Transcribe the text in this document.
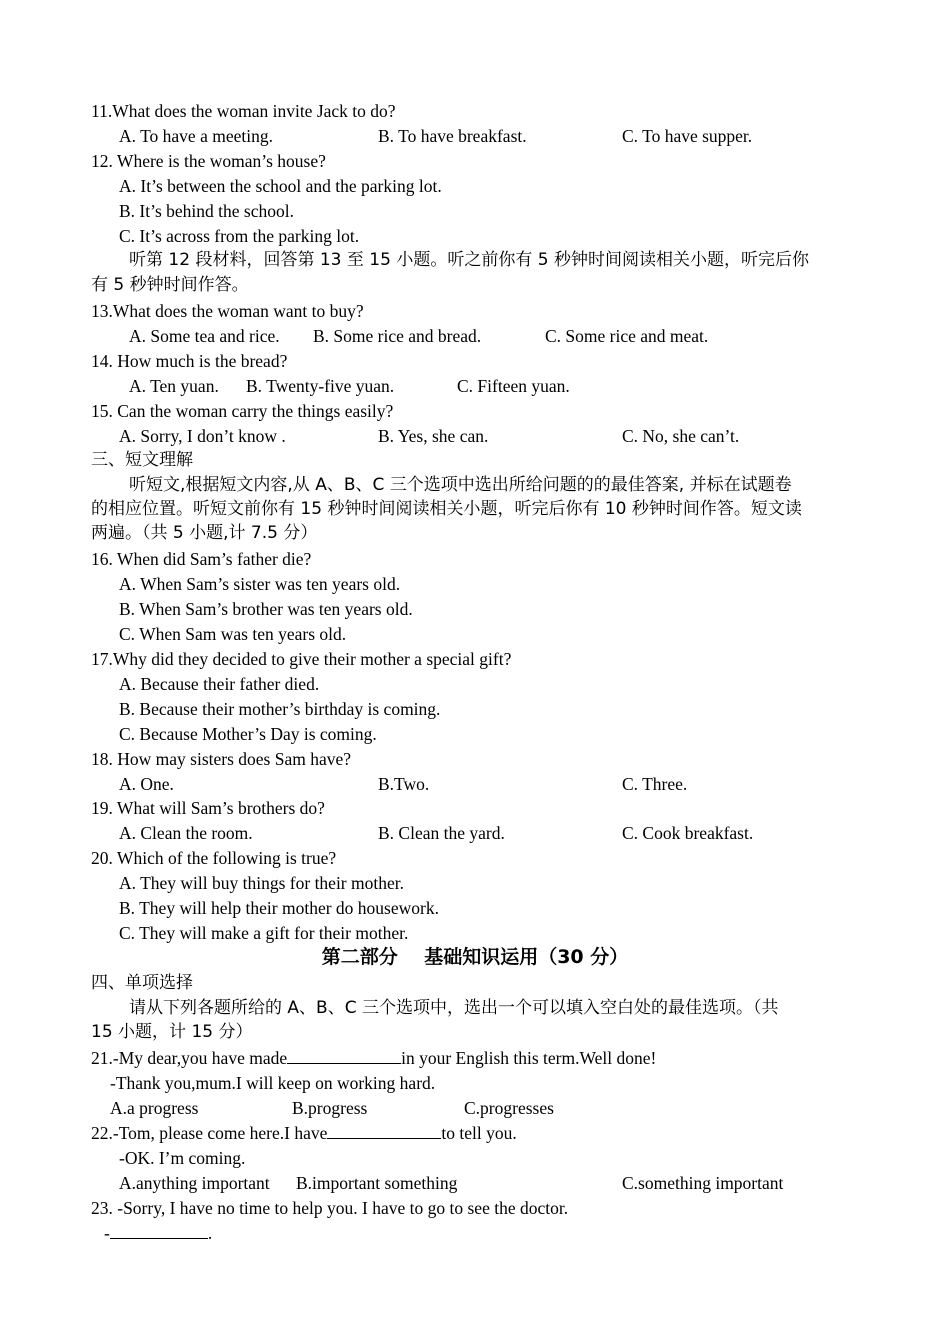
11.What does the woman invite Jack to do?
A. To have a meeting.	B. To have breakfast.	C. To have supper.
12. Where is the woman’s house?
A. It’s between the school and the parking lot.
B. It’s behind the school.
C. It’s across from the parking lot.
听第 12 段材料，回答第 13 至 15 小题。听之前你有 5 秒钟时间阅读相关小题，听完后你
有 5 秒钟时间作答。
13.What does the woman want to buy?
A. Some tea and rice. B. Some rice and bread.	C. Some rice and meat.
14. How much is the bread?
A. Ten yuan. B. Twenty-five yuan.	C. Fifteen yuan.
15. Can the woman carry the things easily?
A. Sorry, I don’t know .	B. Yes, she can.	C. No, she can’t.
三、短文理解
听短文,根据短文内容,从 A、B、C 三个选项中选出所给问题的的最佳答案, 并标在试题卷
的相应位置。听短文前你有 15 秒钟时间阅读相关小题，听完后你有 10 秒钟时间作答。短文读
两遍。（共 5 小题,计 7.5 分）
16. When did Sam’s father die?
A. When Sam’s sister was ten years old.
B. When Sam’s brother was ten years old.
C. When Sam was ten years old.
17.Why did they decided to give their mother a special gift?
A. Because their father died.
B. Because their mother’s birthday is coming.
C. Because Mother’s Day is coming.
18. How may sisters does Sam have?
A. One.	B.Two.	C. Three.
19. What will Sam’s brothers do?
A. Clean the room.	B. Clean the yard.	C. Cook breakfast.
20. Which of the following is true?
A. They will buy things for their mother.
B. They will help their mother do housework.
C. They will make a gift for their mother.
第二部分    基础知识运用（30 分）
四、单项选择
请从下列各题所给的 A、B、C 三个选项中，选出一个可以填入空白处的最佳选项。（共
15 小题，计 15 分）
21.-My dear,you have made	in your English this term.Well done!
-Thank you,mum.I will keep on working hard.
A.a progress	B.progress	C.progresses
22.-Tom, please come here.I have	to tell you.
-OK. I’m coming.
A.anything important B.important something	C.something important
23. -Sorry, I have no time to help you. I have to go to see the doctor.
-	.
